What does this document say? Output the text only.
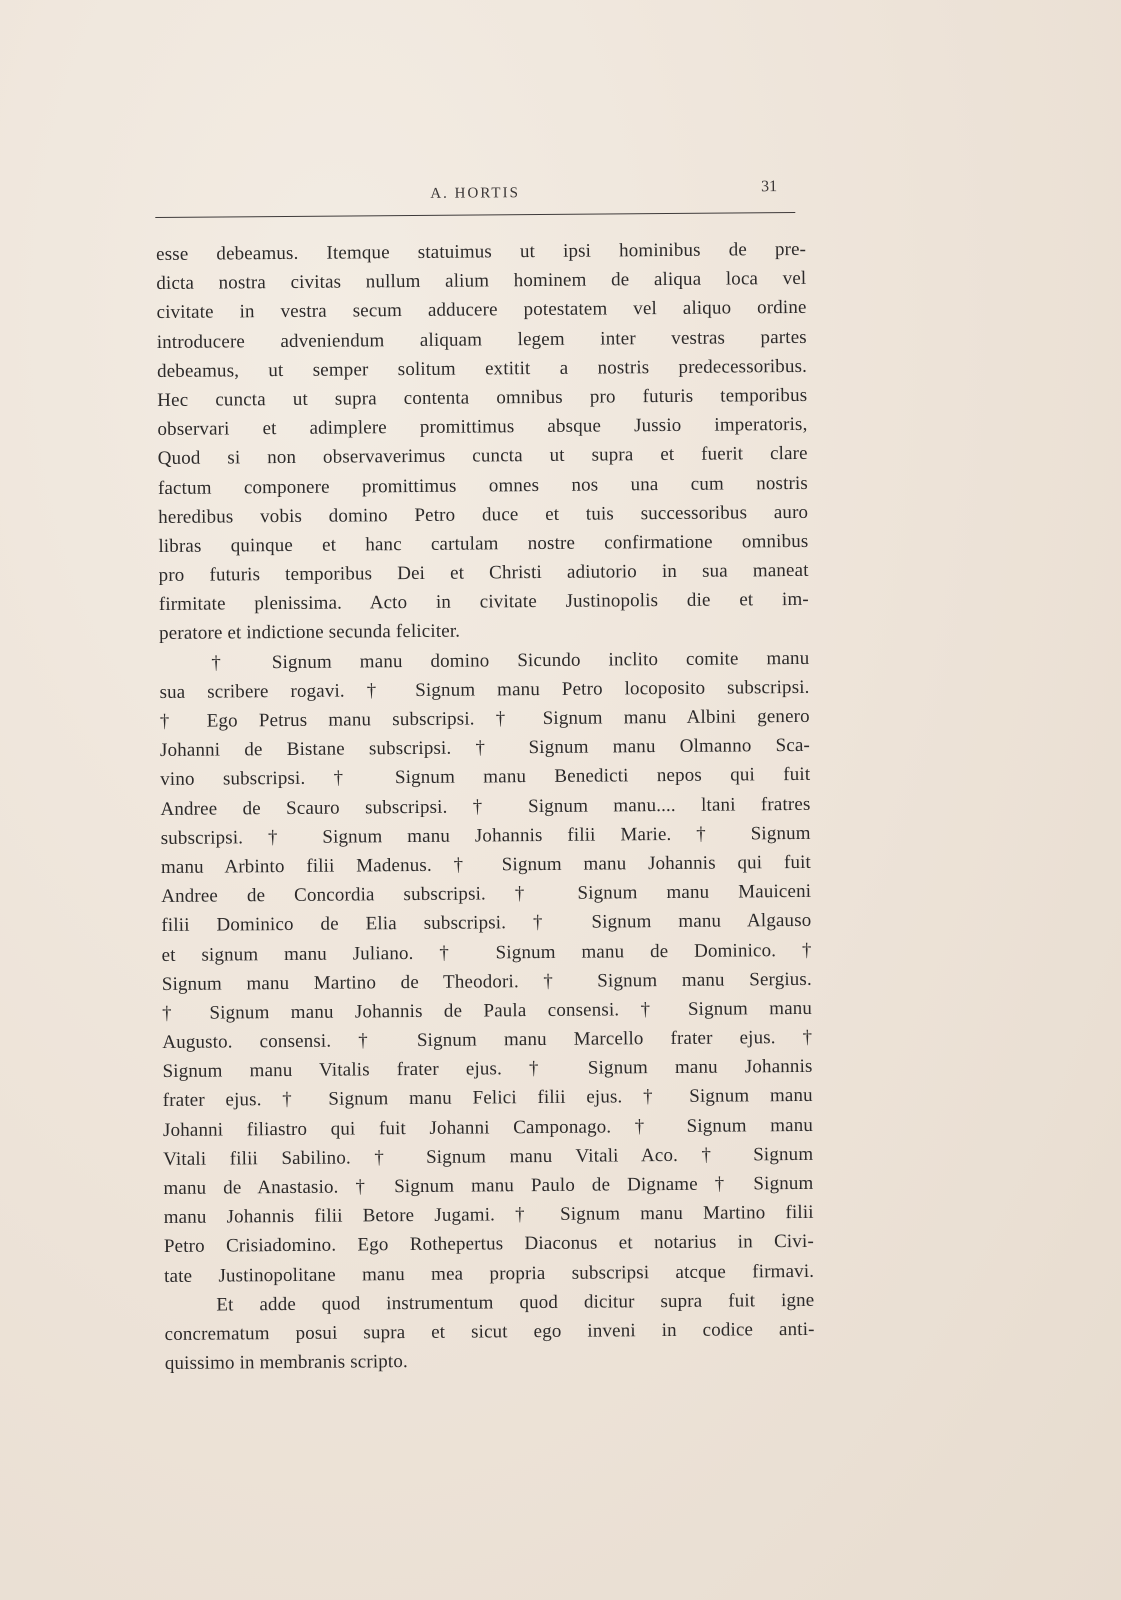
A. HORTIS	31
esse debeamus. Itemque statuimus ut ipsi hominibus de pre-
dicta nostra civitas nullum alium hominem de aliqua loca vel
civitate in vestra secum adducere potestatem vel aliquo ordine
introducere adveniendum aliquam legem inter vestras partes
debeamus, ut semper solitum extitit a nostris predecessoribus.
Hec cuncta ut supra contenta omnibus pro futuris temporibus
observari et adimplere promittimus absque Jussio imperatoris,
Quod si non observaverimus cuncta ut supra et fuerit clare
factum componere promittimus omnes nos una cum nostris
heredibus vobis domino Petro duce et tuis successoribus auro
libras quinque et hanc cartulam nostre confirmatione omnibus
pro futuris temporibus Dei et Christi adiutorio in sua maneat
firmitate plenissima. Acto in civitate Justinopolis die et im-
peratore et indictione secunda feliciter.
† Signum manu domino Sicundo inclito comite manu
sua scribere rogavi. † Signum manu Petro locoposito subscripsi.
† Ego Petrus manu subscripsi. † Signum manu Albini genero
Johanni de Bistane subscripsi. † Signum manu Olmanno Sca-
vino subscripsi. † Signum manu Benedicti nepos qui fuit
Andree de Scauro subscripsi. † Signum manu.... ltani fratres
subscripsi. † Signum manu Johannis filii Marie. † Signum
manu Arbinto filii Madenus. † Signum manu Johannis qui fuit
Andree de Concordia subscripsi. † Signum manu Mauiceni
filii Dominico de Elia subscripsi. † Signum manu Algauso
et signum manu Juliano. † Signum manu de Dominico. †
Signum manu Martino de Theodori. † Signum manu Sergius.
† Signum manu Johannis de Paula consensi. † Signum manu
Augusto. consensi. † Signum manu Marcello frater ejus. †
Signum manu Vitalis frater ejus. † Signum manu Johannis
frater ejus. † Signum manu Felici filii ejus. † Signum manu
Johanni filiastro qui fuit Johanni Camponago. † Signum manu
Vitali filii Sabilino. † Signum manu Vitali Aco. † Signum
manu de Anastasio. † Signum manu Paulo de Digname † Signum
manu Johannis filii Betore Jugami. † Signum manu Martino filii
Petro Crisiadomino. Ego Rothepertus Diaconus et notarius in Civi-
tate Justinopolitane manu mea propria subscripsi atcque firmavi.
Et adde quod instrumentum quod dicitur supra fuit igne
concrematum posui supra et sicut ego inveni in codice anti-
quissimo in membranis scripto.
